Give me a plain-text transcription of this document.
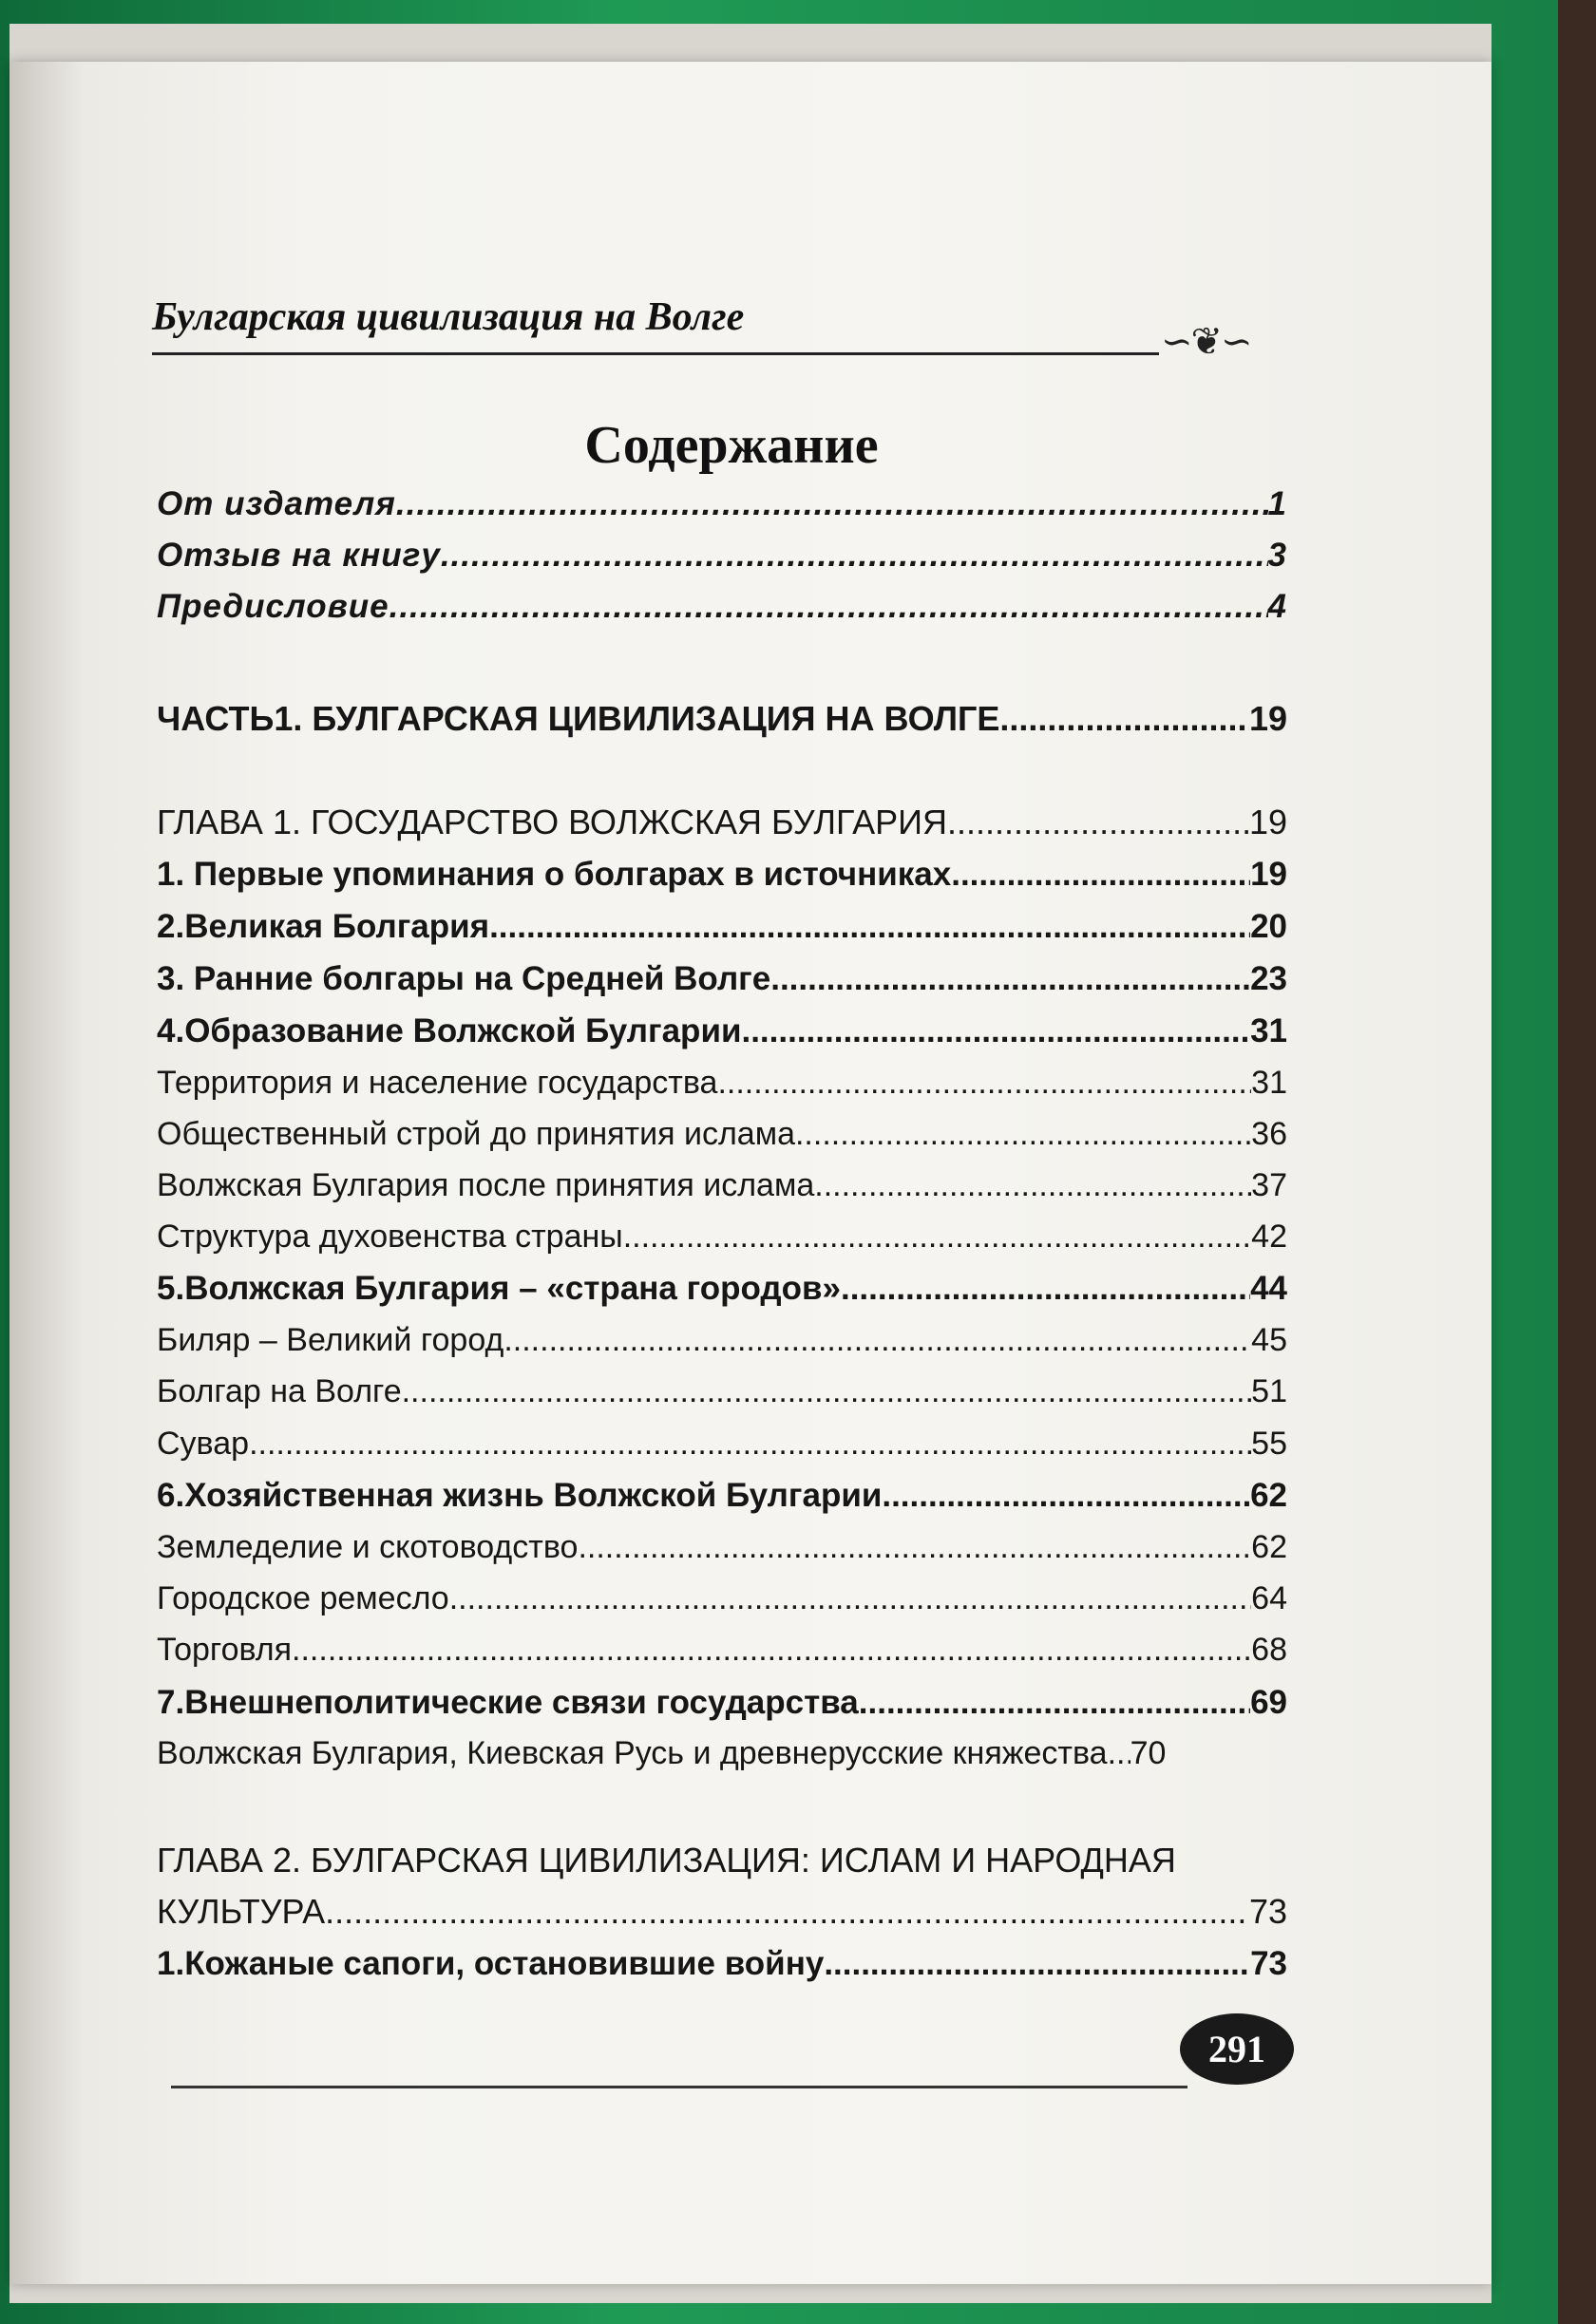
Булгарская цивилизация на Волге

∽❦∽
Содержание
От издателя .....	1
Отзыв на книгу .....	3
Предисловие .....	4
ЧАСТЬ1. БУЛГАРСКАЯ ЦИВИЛИЗАЦИЯ НА ВОЛГЕ .....	19
ГЛАВА 1. ГОСУДАРСТВО ВОЛЖСКАЯ БУЛГАРИЯ .....	19
1. Первые упоминания о болгарах в источниках .....	19
2.Великая Болгария .....	20
3. Ранние болгары на Средней Волге .....	23
4.Образование Волжской Булгарии .....	31
Территория и население государства .....	31
Общественный строй до принятия ислама .....	36
Волжская Булгария после принятия ислама .....	37
Структура духовенства страны .....	42
5.Волжская Булгария – «страна городов» .....	44
Биляр – Великий город .....	45
Болгар на Волге .....	51
Сувар .....	55
6.Хозяйственная жизнь Волжской Булгарии .....	62
Земледелие и скотоводство .....	62
Городское ремесло .....	64
Торговля .....	68
7.Внешнеполитические связи государства .....	69
Волжская Булгария, Киевская Русь и древнерусские княжества ..... 70
ГЛАВА 2. БУЛГАРСКАЯ ЦИВИЛИЗАЦИЯ: ИСЛАМ И НАРОДНАЯ
КУЛЬТУРА .....	73
1.Кожаные сапоги, остановившие войну .....	73
291
